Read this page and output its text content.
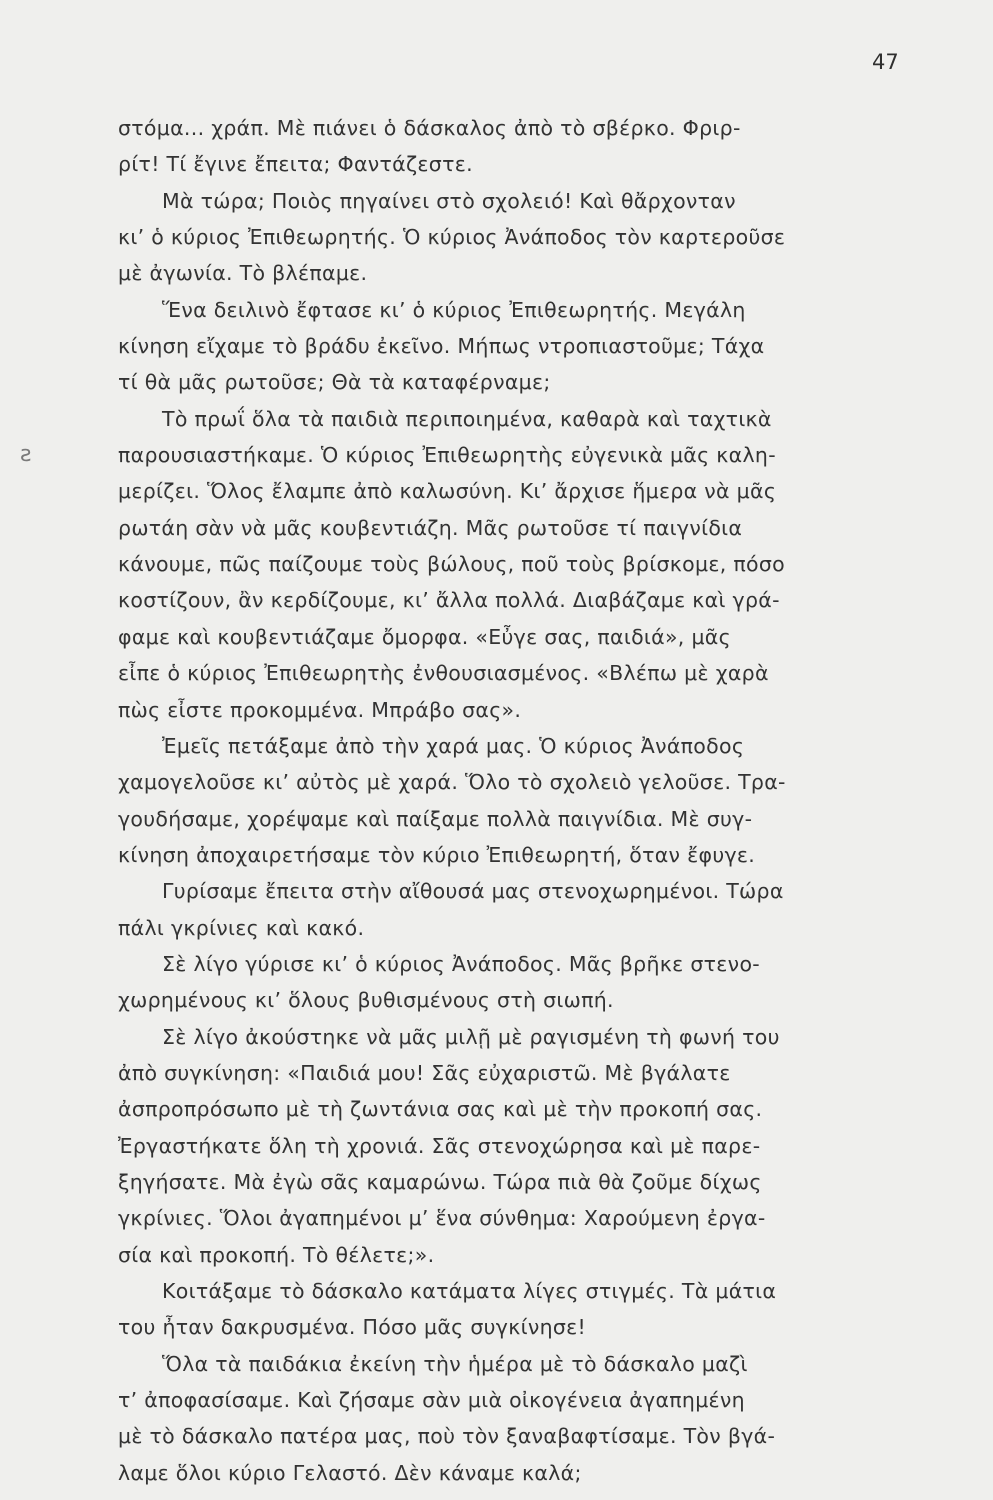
47
ƨ
στόμα... χράπ. Μὲ πιάνει ὁ δάσκαλος ἀπὸ τὸ σβέρκο. Φριρ-
ρίτ! Τί ἔγινε ἔπειτα; Φαντάζεστε.
Μὰ τώρα; Ποιὸς πηγαίνει στὸ σχολειό! Καὶ θἄρχονταν
κι’ ὁ κύριος Ἐπιθεωρητής. Ὁ κύριος Ἀνάποδος τὸν καρτεροῦσε
μὲ ἀγωνία. Τὸ βλέπαμε.
Ἕνα δειλινὸ ἔφτασε κι’ ὁ κύριος Ἐπιθεωρητής. Μεγάλη
κίνηση εἴχαμε τὸ βράδυ ἐκεῖνο. Μήπως ντροπιαστοῦμε; Τάχα
τί θὰ μᾶς ρωτοῦσε; Θὰ τὰ καταφέρναμε;
Τὸ πρωΐ ὅλα τὰ παιδιὰ περιποιημένα, καθαρὰ καὶ ταχτικὰ
παρουσιαστήκαμε. Ὁ κύριος Ἐπιθεωρητὴς εὐγενικὰ μᾶς καλη-
μερίζει. Ὅλος ἔλαμπε ἀπὸ καλωσύνη. Κι’ ἄρχισε ἥμερα νὰ μᾶς
ρωτάη σὰν νὰ μᾶς κουβεντιάζη. Μᾶς ρωτοῦσε τί παιγνίδια
κάνουμε, πῶς παίζουμε τοὺς βώλους, ποῦ τοὺς βρίσκομε, πόσο
κοστίζουν, ἂν κερδίζουμε, κι’ ἄλλα πολλά. Διαβάζαμε καὶ γρά-
φαμε καὶ κουβεντιάζαμε ὄμορφα. «Εὖγε σας, παιδιά», μᾶς
εἶπε ὁ κύριος Ἐπιθεωρητὴς ἐνθουσιασμένος. «Βλέπω μὲ χαρὰ
πὼς εἶστε προκομμένα. Μπράβο σας».
Ἐμεῖς πετάξαμε ἀπὸ τὴν χαρά μας. Ὁ κύριος Ἀνάποδος
χαμογελοῦσε κι’ αὐτὸς μὲ χαρά. Ὅλο τὸ σχολειὸ γελοῦσε. Τρα-
γουδήσαμε, χορέψαμε καὶ παίξαμε πολλὰ παιγνίδια. Μὲ συγ-
κίνηση ἀποχαιρετήσαμε τὸν κύριο Ἐπιθεωρητή, ὅταν ἔφυγε.
Γυρίσαμε ἔπειτα στὴν αἴθουσά μας στενοχωρημένοι. Τώρα
πάλι γκρίνιες καὶ κακό.
Σὲ λίγο γύρισε κι’ ὁ κύριος Ἀνάποδος. Μᾶς βρῆκε στενο-
χωρημένους κι’ ὅλους βυθισμένους στὴ σιωπή.
Σὲ λίγο ἀκούστηκε νὰ μᾶς μιλῇ μὲ ραγισμένη τὴ φωνή του
ἀπὸ συγκίνηση: «Παιδιά μου! Σᾶς εὐχαριστῶ. Μὲ βγάλατε
ἀσπροπρόσωπο μὲ τὴ ζωντάνια σας καὶ μὲ τὴν προκοπή σας.
Ἐργαστήκατε ὅλη τὴ χρονιά. Σᾶς στενοχώρησα καὶ μὲ παρε-
ξηγήσατε. Μὰ ἐγὼ σᾶς καμαρώνω. Τώρα πιὰ θὰ ζοῦμε δίχως
γκρίνιες. Ὅλοι ἀγαπημένοι μ’ ἕνα σύνθημα: Χαρούμενη ἐργα-
σία καὶ προκοπή. Τὸ θέλετε;».
Κοιτάξαμε τὸ δάσκαλο κατάματα λίγες στιγμές. Τὰ μάτια
του ἦταν δακρυσμένα. Πόσο μᾶς συγκίνησε!
Ὅλα τὰ παιδάκια ἐκείνη τὴν ἡμέρα μὲ τὸ δάσκαλο μαζὶ
τ’ ἀποφασίσαμε. Καὶ ζήσαμε σὰν μιὰ οἰκογένεια ἀγαπημένη
μὲ τὸ δάσκαλο πατέρα μας, ποὺ τὸν ξαναβαφτίσαμε. Τὸν βγά-
λαμε ὅλοι κύριο Γελαστό. Δὲν κάναμε καλά;
